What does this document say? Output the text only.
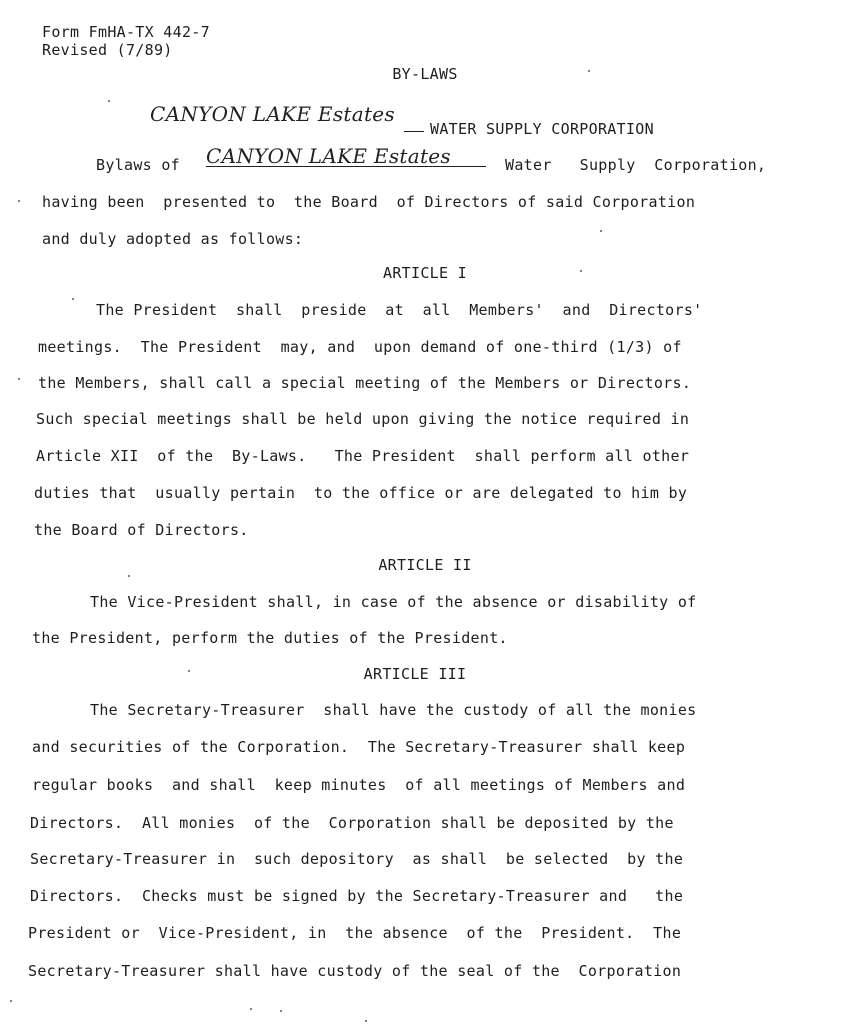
Form FmHA-TX 442-7
Revised (7/89)
BY-LAWS
CANYON LAKE Estates
WATER SUPPLY CORPORATION
Bylaws of CANYON LAKE Estates	Water   Supply  Corporation,
having been  presented to  the Board  of Directors of said Corporation
and duly adopted as follows:
ARTICLE I
The President  shall  preside  at  all  Members'  and  Directors'
meetings.  The President  may, and  upon demand of one-third (1/3) of
the Members, shall call a special meeting of the Members or Directors.
Such special meetings shall be held upon giving the notice required in
Article XII  of the  By-Laws.   The President  shall perform all other
duties that  usually pertain  to the office or are delegated to him by
the Board of Directors.
ARTICLE II
The Vice-President shall, in case of the absence or disability of
the President, perform the duties of the President.
ARTICLE III
The Secretary-Treasurer  shall have the custody of all the monies
and securities of the Corporation.  The Secretary-Treasurer shall keep
regular books  and shall  keep minutes  of all meetings of Members and
Directors.  All monies  of the  Corporation shall be deposited by the
Secretary-Treasurer in  such depository  as shall  be selected  by the
Directors.  Checks must be signed by the Secretary-Treasurer and   the
President or  Vice-President, in  the absence  of the  President.  The
Secretary-Treasurer shall have custody of the seal of the  Corporation
